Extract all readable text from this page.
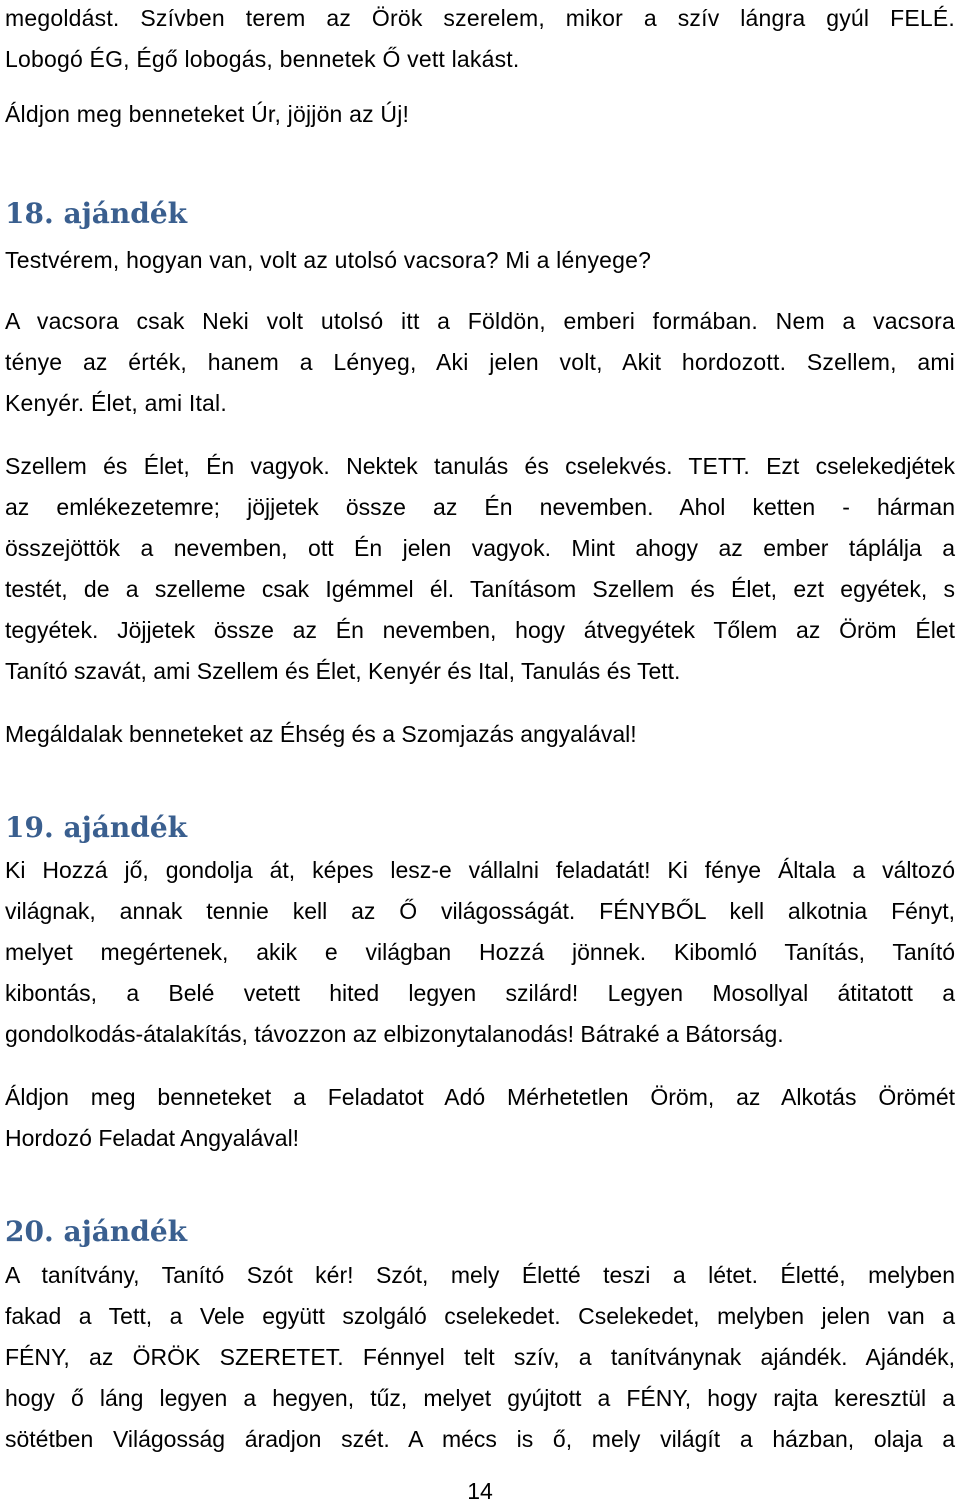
megoldást. Szívben terem az Örök szerelem, mikor a szív lángra gyúl FELÉ.
Lobogó ÉG, Égő lobogás, bennetek Ő vett lakást.
Áldjon meg benneteket Úr, jöjjön az Új!
18. ajándék
Testvérem, hogyan van, volt az utolsó vacsora? Mi a lényege?
A vacsora csak Neki volt utolsó itt a Földön, emberi formában. Nem a vacsora
ténye az érték, hanem a Lényeg, Aki jelen volt, Akit hordozott. Szellem, ami
Kenyér. Élet, ami Ital.
Szellem és Élet, Én vagyok. Nektek tanulás és cselekvés. TETT. Ezt cselekedjétek
az emlékezetemre; jöjjetek össze az Én nevemben. Ahol ketten - hárman
összejöttök a nevemben, ott Én jelen vagyok. Mint ahogy az ember táplálja a
testét, de a szelleme csak Igémmel él. Tanításom Szellem és Élet, ezt egyétek, s
tegyétek. Jöjjetek össze az Én nevemben, hogy átvegyétek Tőlem az Öröm Élet
Tanító szavát, ami Szellem és Élet, Kenyér és Ital, Tanulás és Tett.
Megáldalak benneteket az Éhség és a Szomjazás angyalával!
19. ajándék
Ki Hozzá jő, gondolja át, képes lesz-e vállalni feladatát! Ki fénye Általa a változó
világnak, annak tennie kell az Ő világosságát. FÉNYBŐL kell alkotnia Fényt,
melyet megértenek, akik e világban Hozzá jönnek. Kibomló Tanítás, Tanító
kibontás, a Belé vetett hited legyen szilárd! Legyen Mosollyal átitatott a
gondolkodás-átalakítás, távozzon az elbizonytalanodás! Bátraké a Bátorság.
Áldjon meg benneteket a Feladatot Adó Mérhetetlen Öröm, az Alkotás Örömét
Hordozó Feladat Angyalával!
20. ajándék
A tanítvány, Tanító Szót kér! Szót, mely Életté teszi a létet. Életté, melyben
fakad a Tett, a Vele együtt szolgáló cselekedet. Cselekedet, melyben jelen van a
FÉNY, az ÖRÖK SZERETET. Fénnyel telt szív, a tanítványnak ajándék. Ajándék,
hogy ő láng legyen a hegyen, tűz, melyet gyújtott a FÉNY, hogy rajta keresztül a
sötétben Világosság áradjon szét. A mécs is ő, mely világít a házban, olaja a
14
